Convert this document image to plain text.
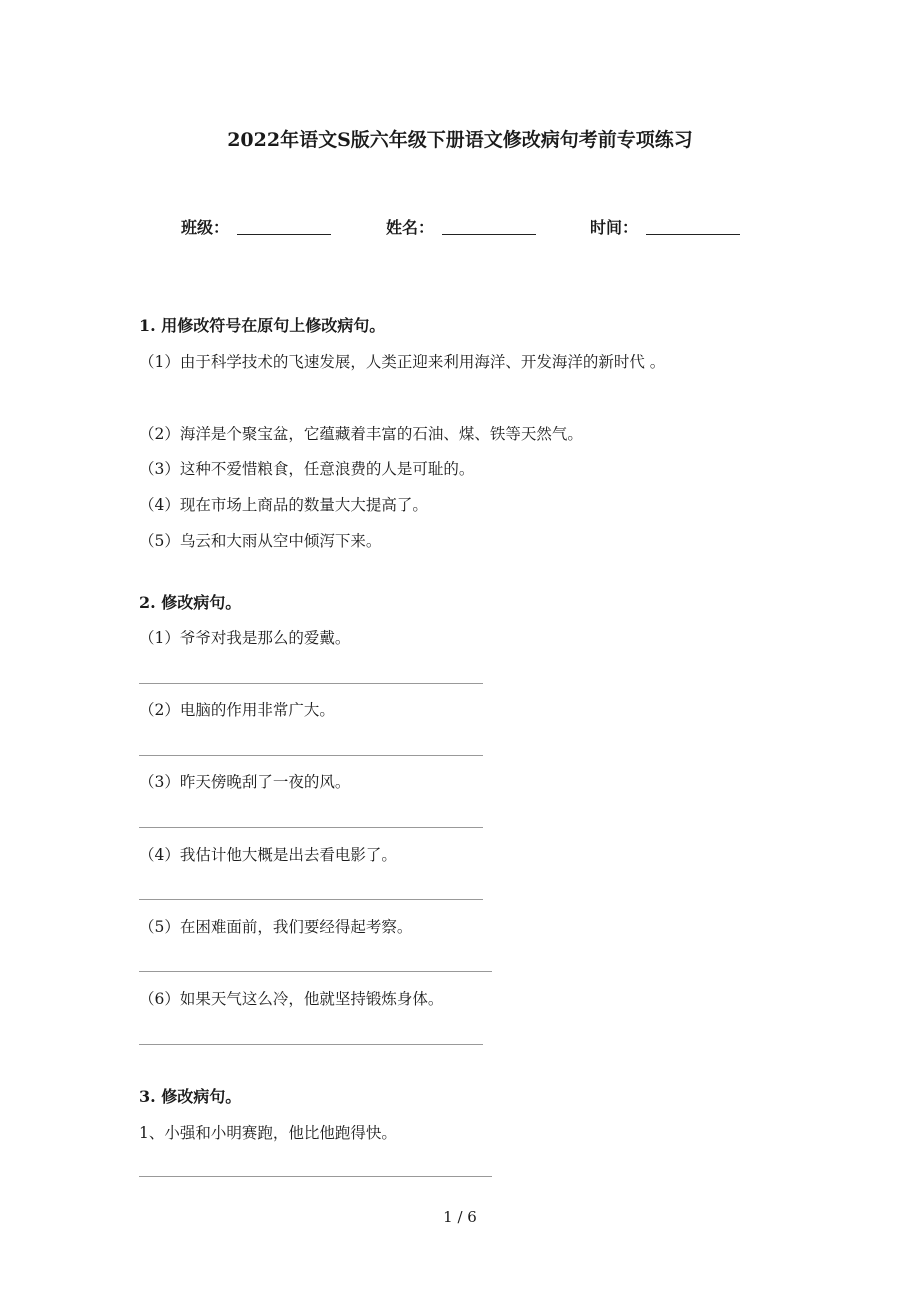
2022年语文S版六年级下册语文修改病句考前专项练习
班级：	姓名：	时间：
1. 用修改符号在原句上修改病句。
（1）由于科学技术的飞速发展，人类正迎来利用海洋、开发海洋的新时代 。
（2）海洋是个聚宝盆，它蕴藏着丰富的石油、煤、铁等天然气。
（3）这种不爱惜粮食，任意浪费的人是可耻的。
（4）现在市场上商品的数量大大提高了。
（5）乌云和大雨从空中倾泻下来。
2. 修改病句。
（1）爷爷对我是那么的爱戴。
（2）电脑的作用非常广大。
（3）昨天傍晚刮了一夜的风。
（4）我估计他大概是出去看电影了。
（5）在困难面前，我们要经得起考察。
（6）如果天气这么冷，他就坚持锻炼身体。
3. 修改病句。
1、小强和小明赛跑，他比他跑得快。
1 / 6
